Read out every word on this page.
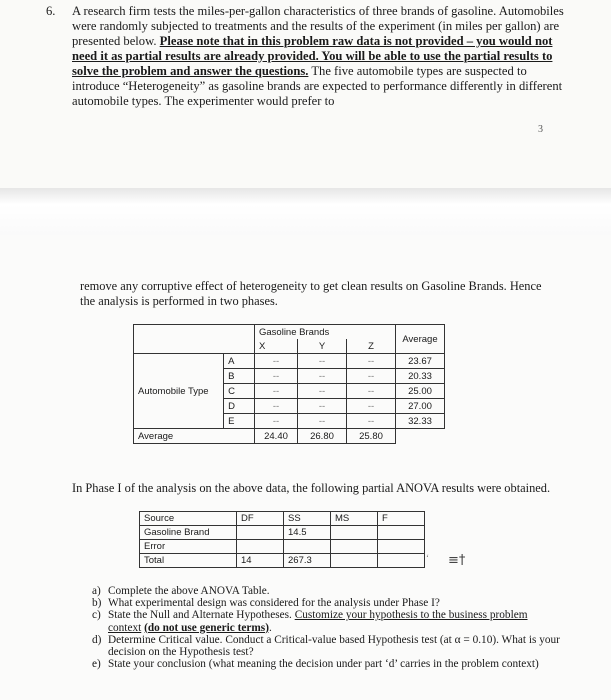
6. A research firm tests the miles-per-gallon characteristics of three brands of gasoline. Automobiles were randomly subjected to treatments and the results of the experiment (in miles per gallon) are presented below. Please note that in this problem raw data is not provided – you would not need it as partial results are already provided. You will be able to use the partial results to solve the problem and answer the questions. The five automobile types are suspected to introduce “Heterogeneity” as gasoline brands are expected to performance differently in different automobile types. The experimenter would prefer to
3
remove any corruptive effect of heterogeneity to get clean results on Gasoline Brands. Hence the analysis is performed in two phases.
		Gasoline Brands			Average
		X	Y	Z	
Automobile Type	A	--	--	--	23.67
	B	--	--	--	20.33
	C	--	--	--	25.00
	D	--	--	--	27.00
	E	--	--	--	32.33
Average		24.40	26.80	25.80	
In Phase I of the analysis on the above data, the following partial ANOVA results were obtained.
Source	DF	SS	MS	F
Gasoline Brand		14.5		
Error				
Total	14	267.3			‘ ≡†
a) Complete the above ANOVA Table.
b) What experimental design was considered for the analysis under Phase I?
c) State the Null and Alternate Hypotheses. Customize your hypothesis to the business problem context (do not use generic terms).
d) Determine Critical value. Conduct a Critical-value based Hypothesis test (at α = 0.10). What is your decision on the Hypothesis test?
e) State your conclusion (what meaning the decision under part ‘d’ carries in the problem context)
